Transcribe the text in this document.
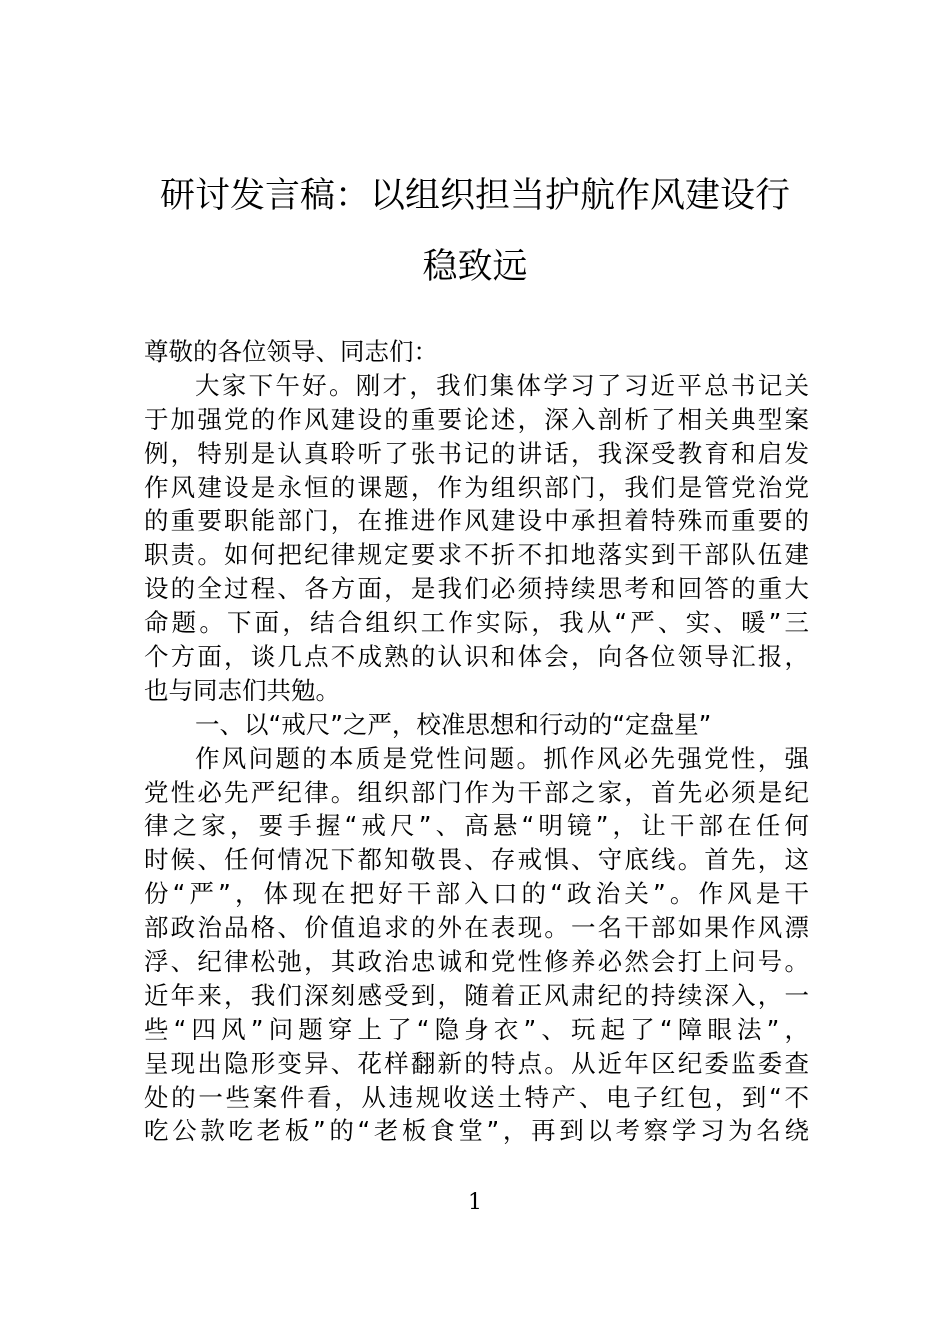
研讨发言稿：以组织担当护航作风建设行
稳致远
尊敬的各位领导、同志们：
大家下午好。刚才，我们集体学习了习近平总书记关
于加强党的作风建设的重要论述，深入剖析了相关典型案
例，特别是认真聆听了张书记的讲话，我深受教育和启发
作风建设是永恒的课题，作为组织部门，我们是管党治党
的重要职能部门，在推进作风建设中承担着特殊而重要的
职责。如何把纪律规定要求不折不扣地落实到干部队伍建
设的全过程、各方面，是我们必须持续思考和回答的重大
命题。下面，结合组织工作实际，我从“严、实、暖”三
个方面，谈几点不成熟的认识和体会，向各位领导汇报，
也与同志们共勉。
一、以“戒尺”之严，校准思想和行动的“定盘星”
作风问题的本质是党性问题。抓作风必先强党性，强
党性必先严纪律。组织部门作为干部之家，首先必须是纪
律之家，要手握“戒尺”、高悬“明镜”，让干部在任何
时候、任何情况下都知敬畏、存戒惧、守底线。首先，这
份“严”，体现在把好干部入口的“政治关”。作风是干
部政治品格、价值追求的外在表现。一名干部如果作风漂
浮、纪律松弛，其政治忠诚和党性修养必然会打上问号。
近年来，我们深刻感受到，随着正风肃纪的持续深入，一
些“四风”问题穿上了“隐身衣”、玩起了“障眼法”，
呈现出隐形变异、花样翻新的特点。从近年区纪委监委查
处的一些案件看，从违规收送土特产、电子红包，到“不
吃公款吃老板”的“老板食堂”，再到以考察学习为名绕
1
